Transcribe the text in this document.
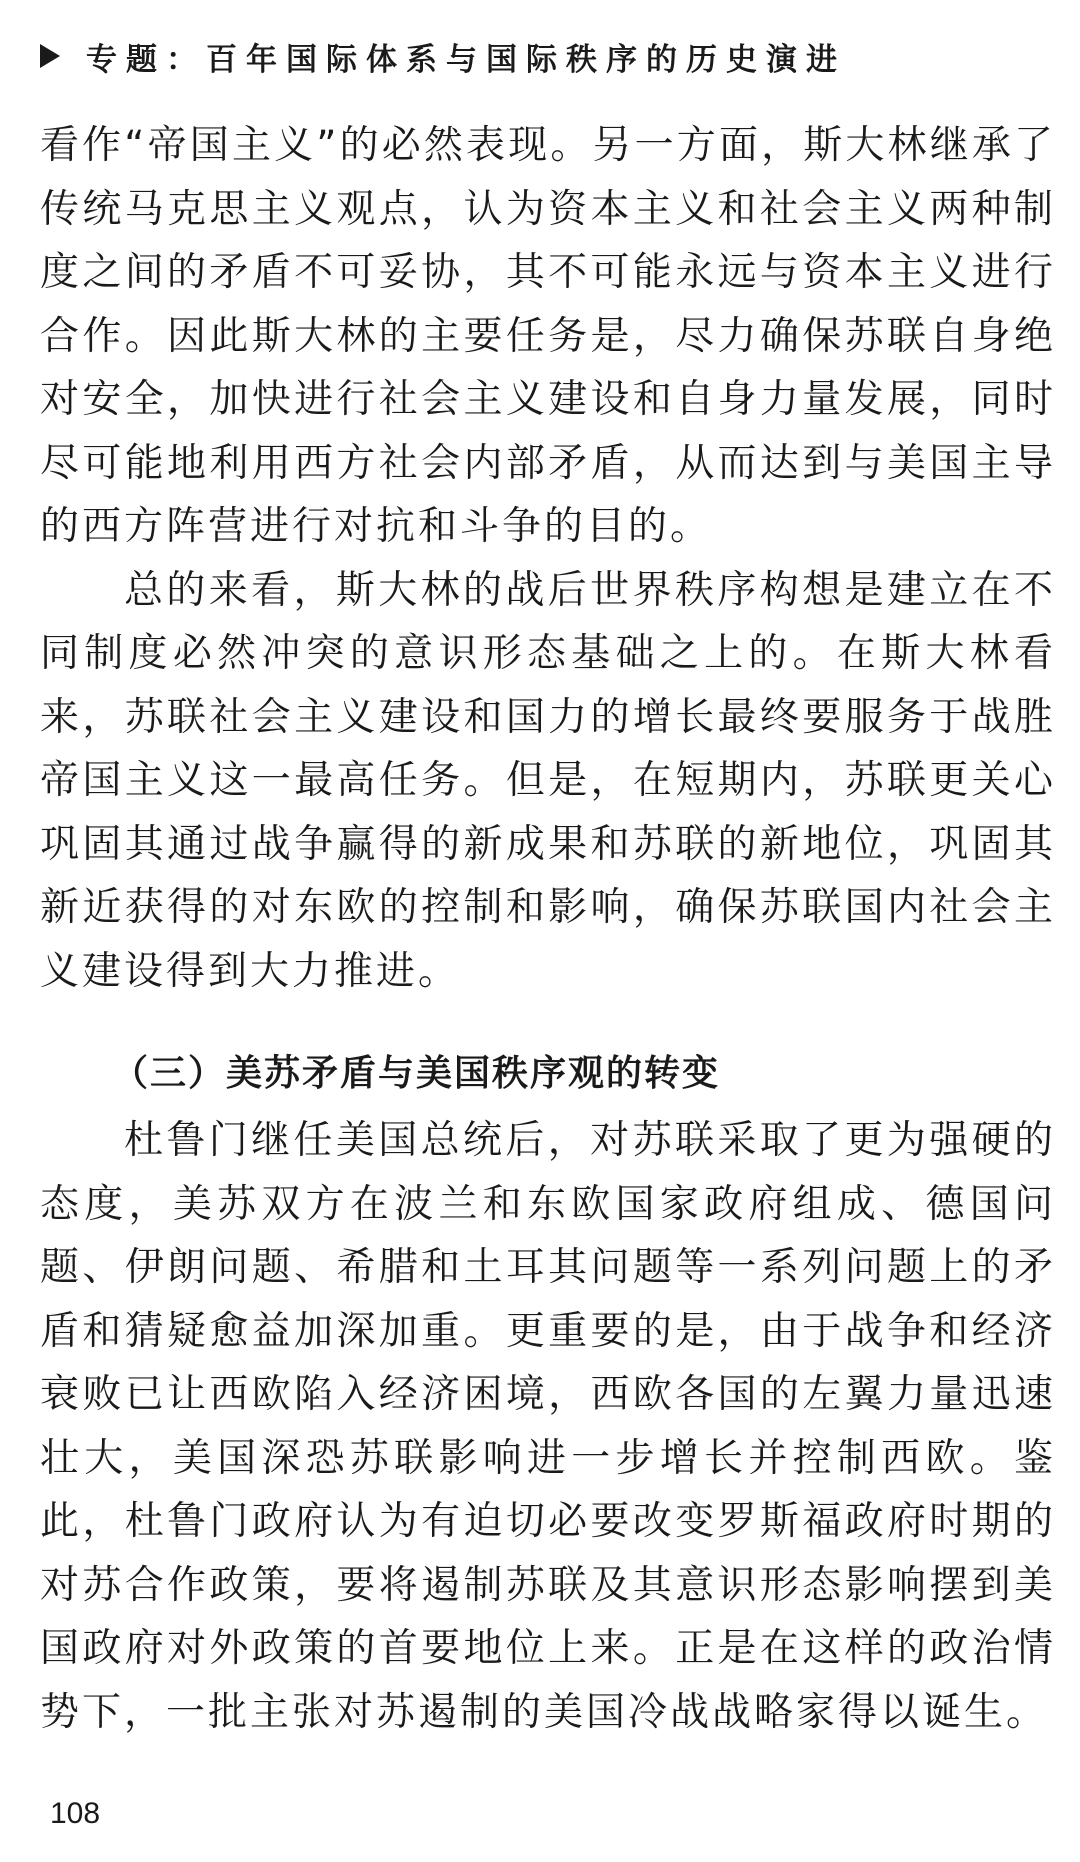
专题：百年国际体系与国际秩序的历史演进

看作“帝国主义”的必然表现。另一方面，斯大林继承了传统马克思主义观点，认为资本主义和社会主义两种制度之间的矛盾不可妥协，其不可能永远与资本主义进行合作。因此斯大林的主要任务是，尽力确保苏联自身绝对安全，加快进行社会主义建设和自身力量发展，同时尽可能地利用西方社会内部矛盾，从而达到与美国主导的西方阵营进行对抗和斗争的目的。

总的来看，斯大林的战后世界秩序构想是建立在不同制度必然冲突的意识形态基础之上的。在斯大林看来，苏联社会主义建设和国力的增长最终要服务于战胜帝国主义这一最高任务。但是，在短期内，苏联更关心巩固其通过战争赢得的新成果和苏联的新地位，巩固其新近获得的对东欧的控制和影响，确保苏联国内社会主义建设得到大力推进。

（三）美苏矛盾与美国秩序观的转变

杜鲁门继任美国总统后，对苏联采取了更为强硬的态度，美苏双方在波兰和东欧国家政府组成、德国问题、伊朗问题、希腊和土耳其问题等一系列问题上的矛盾和猜疑愈益加深加重。更重要的是，由于战争和经济衰败已让西欧陷入经济困境，西欧各国的左翼力量迅速壮大，美国深恐苏联影响进一步增长并控制西欧。鉴此，杜鲁门政府认为有迫切必要改变罗斯福政府时期的对苏合作政策，要将遏制苏联及其意识形态影响摆到美国政府对外政策的首要地位上来。正是在这样的政治情势下，一批主张对苏遏制的美国冷战战略家得以诞生。

108
